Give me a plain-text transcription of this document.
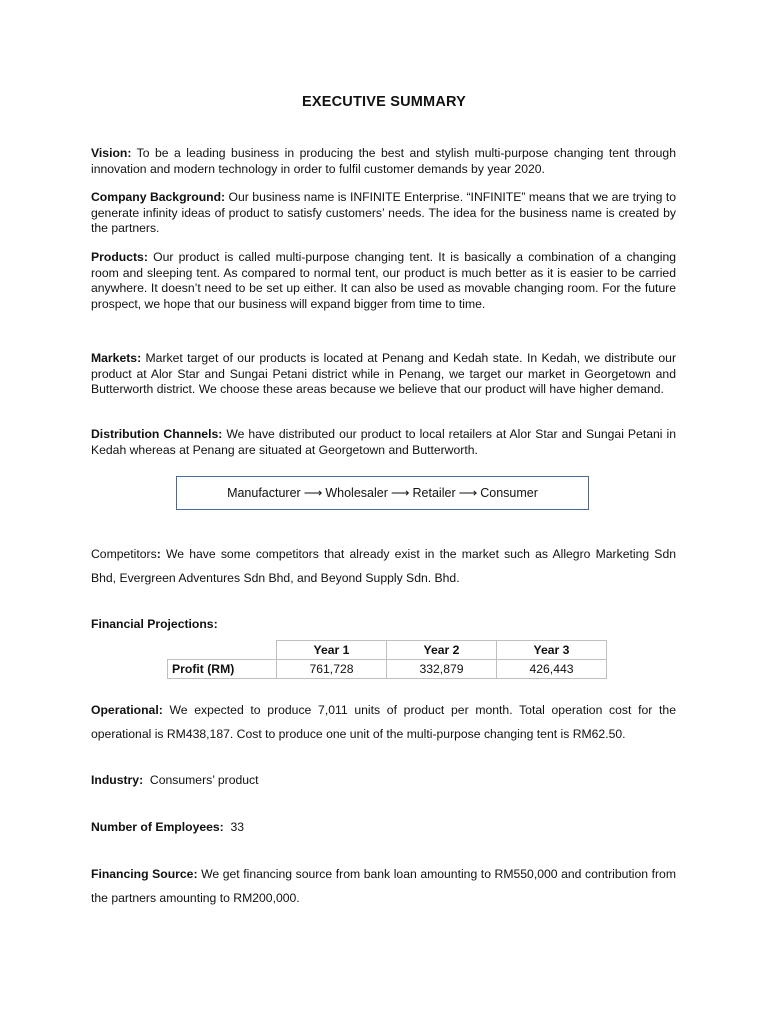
EXECUTIVE SUMMARY

Vision: To be a leading business in producing the best and stylish multi-purpose changing tent through innovation and modern technology in order to fulfil customer demands by year 2020.

Company Background: Our business name is INFINITE Enterprise. “INFINITE” means that we are trying to generate infinity ideas of product to satisfy customers’ needs. The idea for the business name is created by the partners.

Products: Our product is called multi-purpose changing tent. It is basically a combination of a changing room and sleeping tent. As compared to normal tent, our product is much better as it is easier to be carried anywhere. It doesn’t need to be set up either. It can also be used as movable changing room. For the future prospect, we hope that our business will expand bigger from time to time.

Markets: Market target of our products is located at Penang and Kedah state. In Kedah, we distribute our product at Alor Star and Sungai Petani district while in Penang, we target our market in Georgetown and Butterworth district. We choose these areas because we believe that our product will have higher demand.

Distribution Channels: We have distributed our product to local retailers at Alor Star and Sungai Petani in Kedah whereas at Penang are situated at Georgetown and Butterworth.

Manufacturer ⟶ Wholesaler ⟶ Retailer ⟶ Consumer

Competitors: We have some competitors that already exist in the market such as Allegro Marketing Sdn Bhd, Evergreen Adventures Sdn Bhd, and Beyond Supply Sdn. Bhd.

Financial Projections:
	Year 1	Year 2	Year 3
Profit (RM)	761,728	332,879	426,443

Operational: We expected to produce 7,011 units of product per month. Total operation cost for the operational is RM438,187. Cost to produce one unit of the multi-purpose changing tent is RM62.50.

Industry:  Consumers’ product

Number of Employees:  33

Financing Source: We get financing source from bank loan amounting to RM550,000 and contribution from the partners amounting to RM200,000.
